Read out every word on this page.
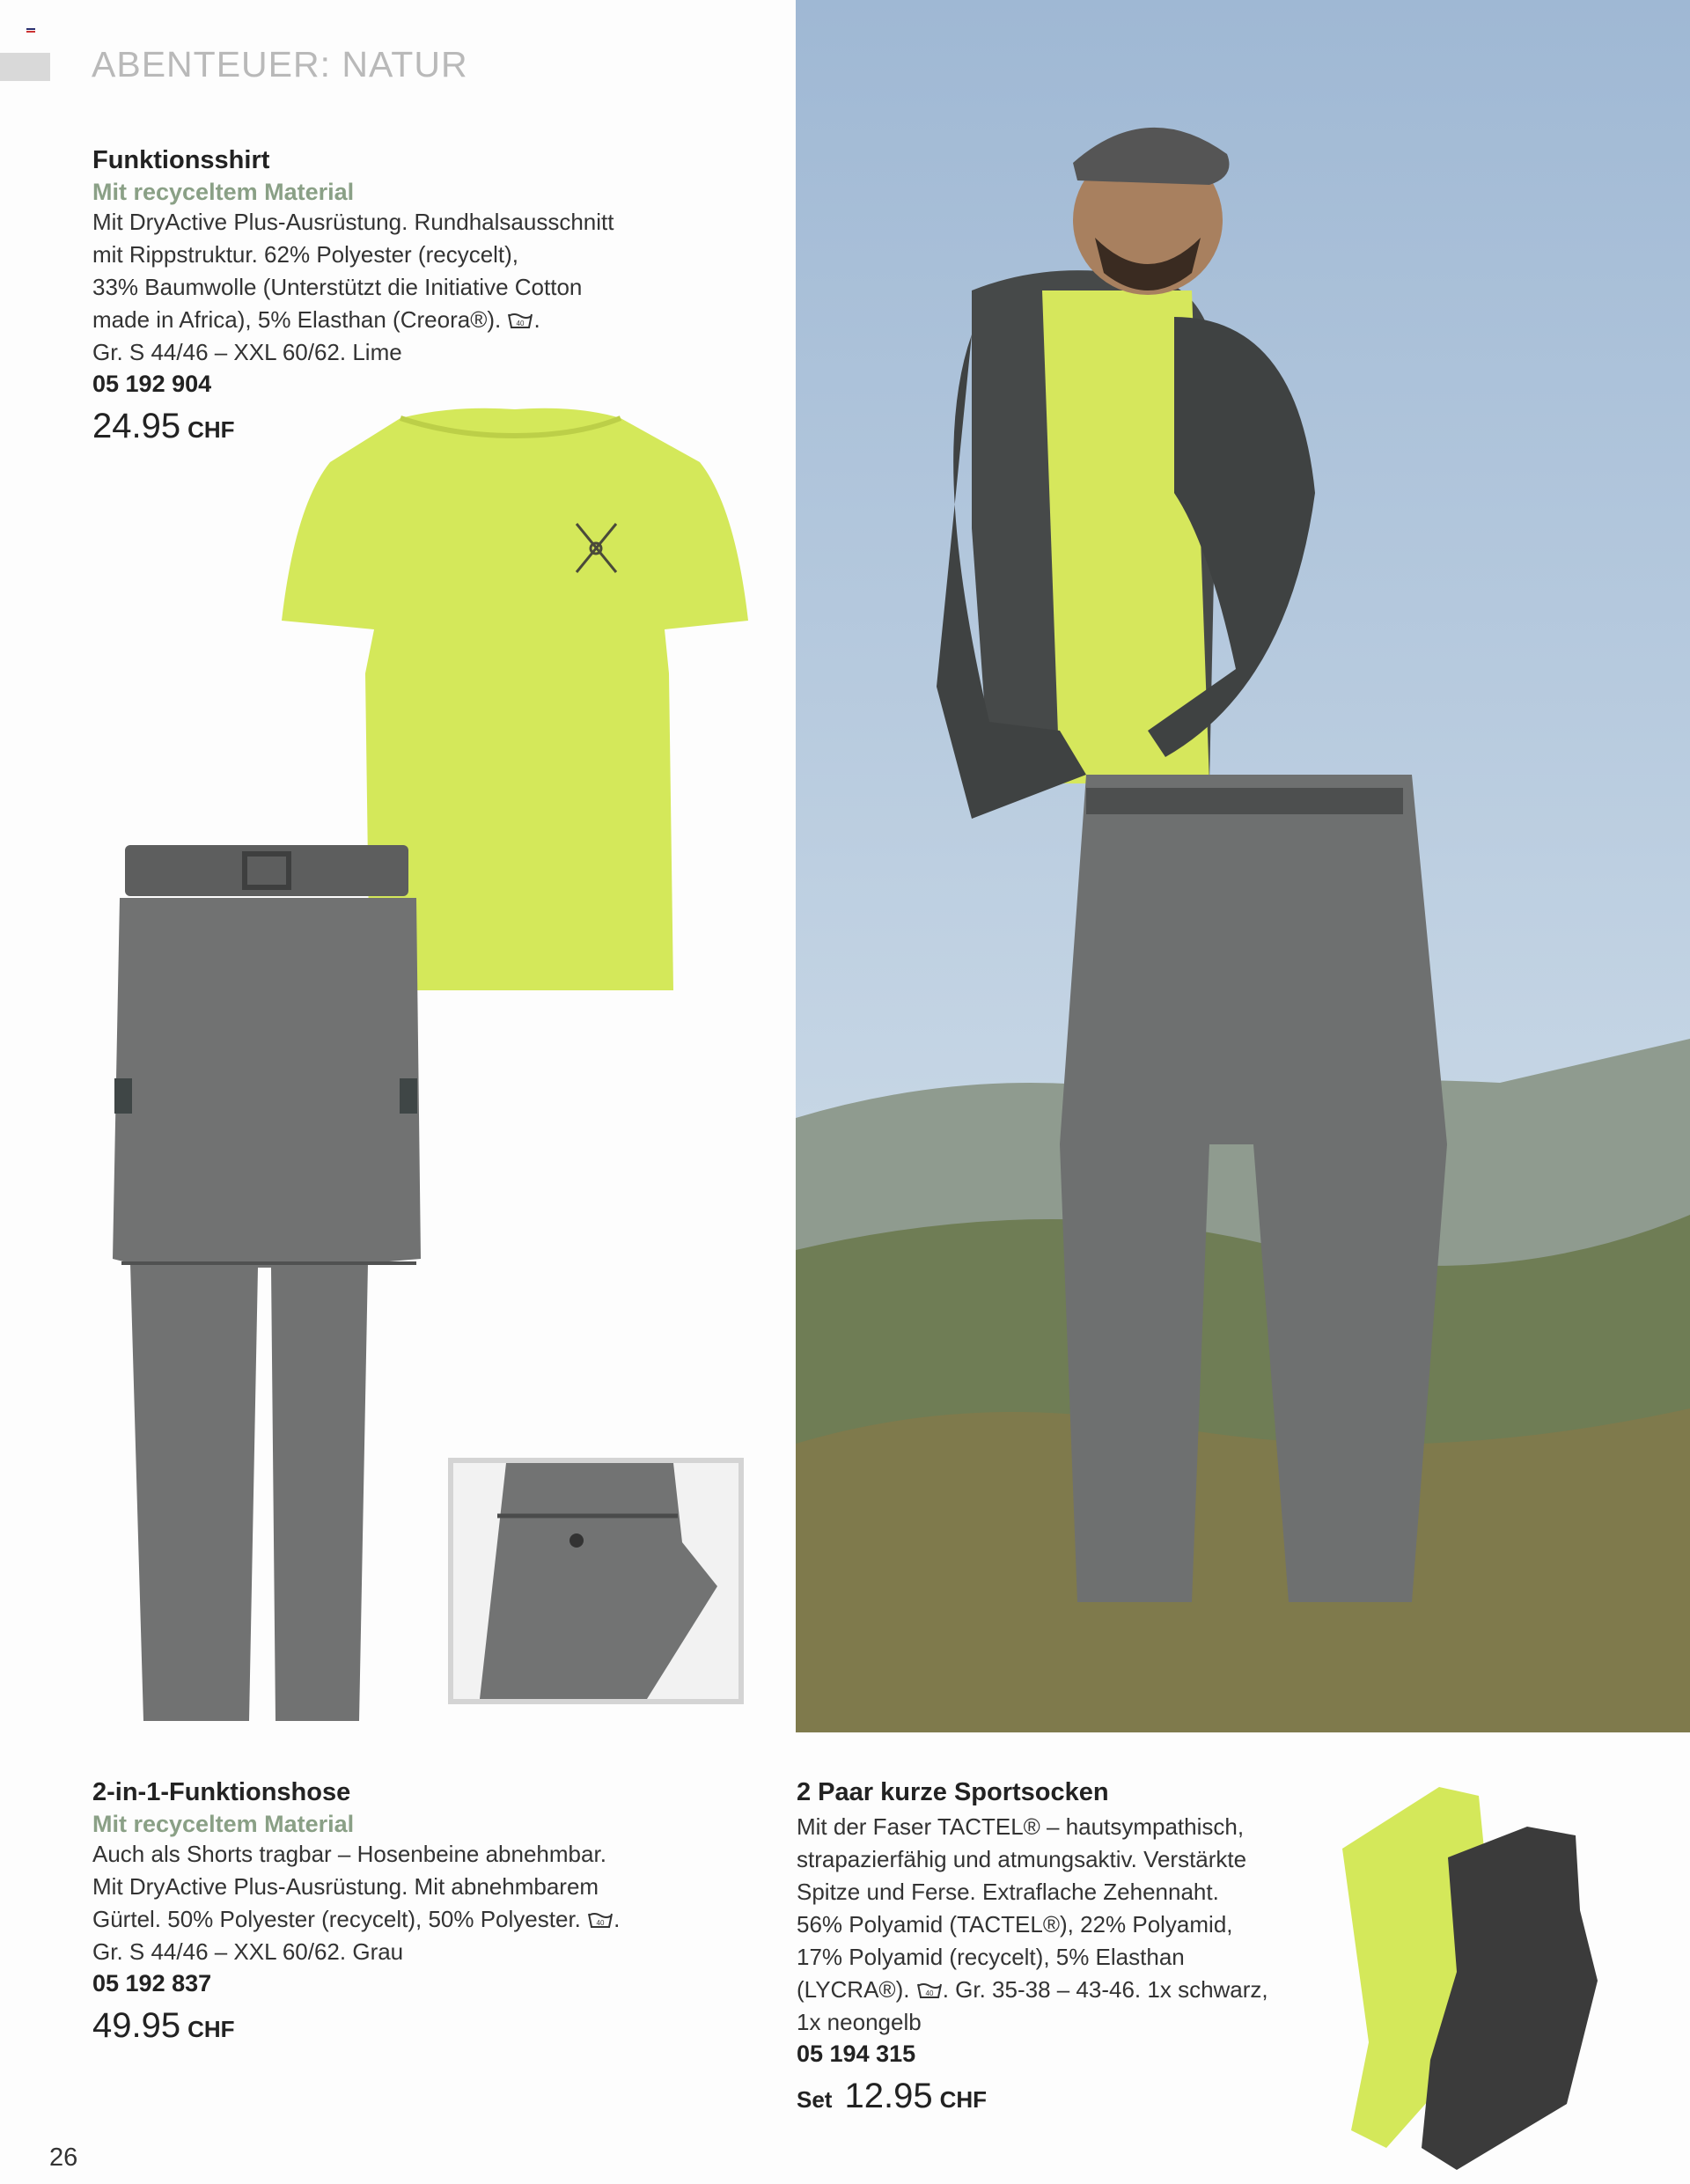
ABENTEUER: NATUR
Funktionsshirt
Mit recyceltem Material
Mit DryActive Plus-Ausrüstung. Rundhalsausschnitt
mit Rippstruktur. 62% Polyester (recycelt),
33% Baumwolle (Unterstützt die Initiative Cotton
made in Africa), 5% Elasthan (Creora®). 40 .
Gr. S 44/46 – XXL 60/62. Lime
05 192 904
24.95 CHF
2-in-1-Funktionshose
Mit recyceltem Material
Auch als Shorts tragbar – Hosenbeine abnehmbar.
Mit DryActive Plus-Ausrüstung. Mit abnehmbarem
Gürtel. 50% Polyester (recycelt), 50% Polyester. 40 .
Gr. S 44/46 – XXL 60/62. Grau
05 192 837
49.95 CHF
2 Paar kurze Sportsocken
Mit der Faser TACTEL® – hautsympathisch,
strapazierfähig und atmungsaktiv. Verstärkte
Spitze und Ferse. Extraflache Zehennaht.
56% Polyamid (TACTEL®), 22% Polyamid,
17% Polyamid (recycelt), 5% Elasthan
(LYCRA®). 40 . Gr. 35-38 – 43-46. 1x schwarz,
1x neongelb
05 194 315
Set 12.95 CHF
26
